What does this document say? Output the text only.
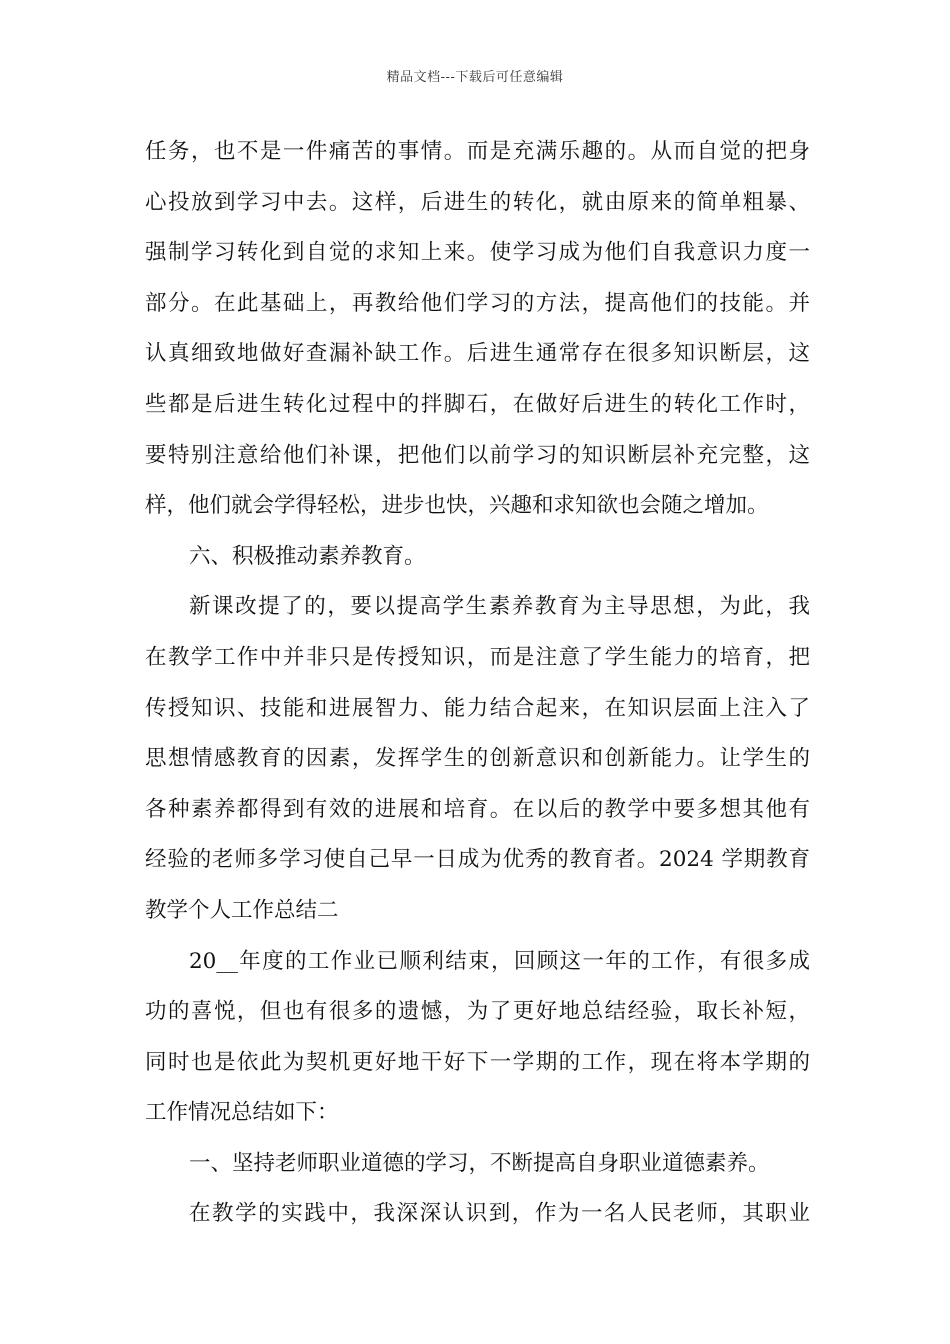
精品文档---下载后可任意编辑
任务，也不是一件痛苦的事情。而是充满乐趣的。从而自觉的把身
心投放到学习中去。这样，后进生的转化，就由原来的简单粗暴、
强制学习转化到自觉的求知上来。使学习成为他们自我意识力度一
部分。在此基础上，再教给他们学习的方法，提高他们的技能。并
认真细致地做好查漏补缺工作。后进生通常存在很多知识断层，这
些都是后进生转化过程中的拌脚石，在做好后进生的转化工作时，
要特别注意给他们补课，把他们以前学习的知识断层补充完整，这
样，他们就会学得轻松，进步也快，兴趣和求知欲也会随之增加。
六、积极推动素养教育。
新课改提了的，要以提高学生素养教育为主导思想，为此，我
在教学工作中并非只是传授知识，而是注意了学生能力的培育，把
传授知识、技能和进展智力、能力结合起来，在知识层面上注入了
思想情感教育的因素，发挥学生的创新意识和创新能力。让学生的
各种素养都得到有效的进展和培育。在以后的教学中要多想其他有
经验的老师多学习使自己早一日成为优秀的教育者。2024 学期教育
教学个人工作总结二
20__年度的工作业已顺利结束，回顾这一年的工作，有很多成
功的喜悦，但也有很多的遗憾，为了更好地总结经验，取长补短，
同时也是依此为契机更好地干好下一学期的工作，现在将本学期的
工作情况总结如下：
一、坚持老师职业道德的学习，不断提高自身职业道德素养。
在教学的实践中，我深深认识到，作为一名人民老师，其职业
